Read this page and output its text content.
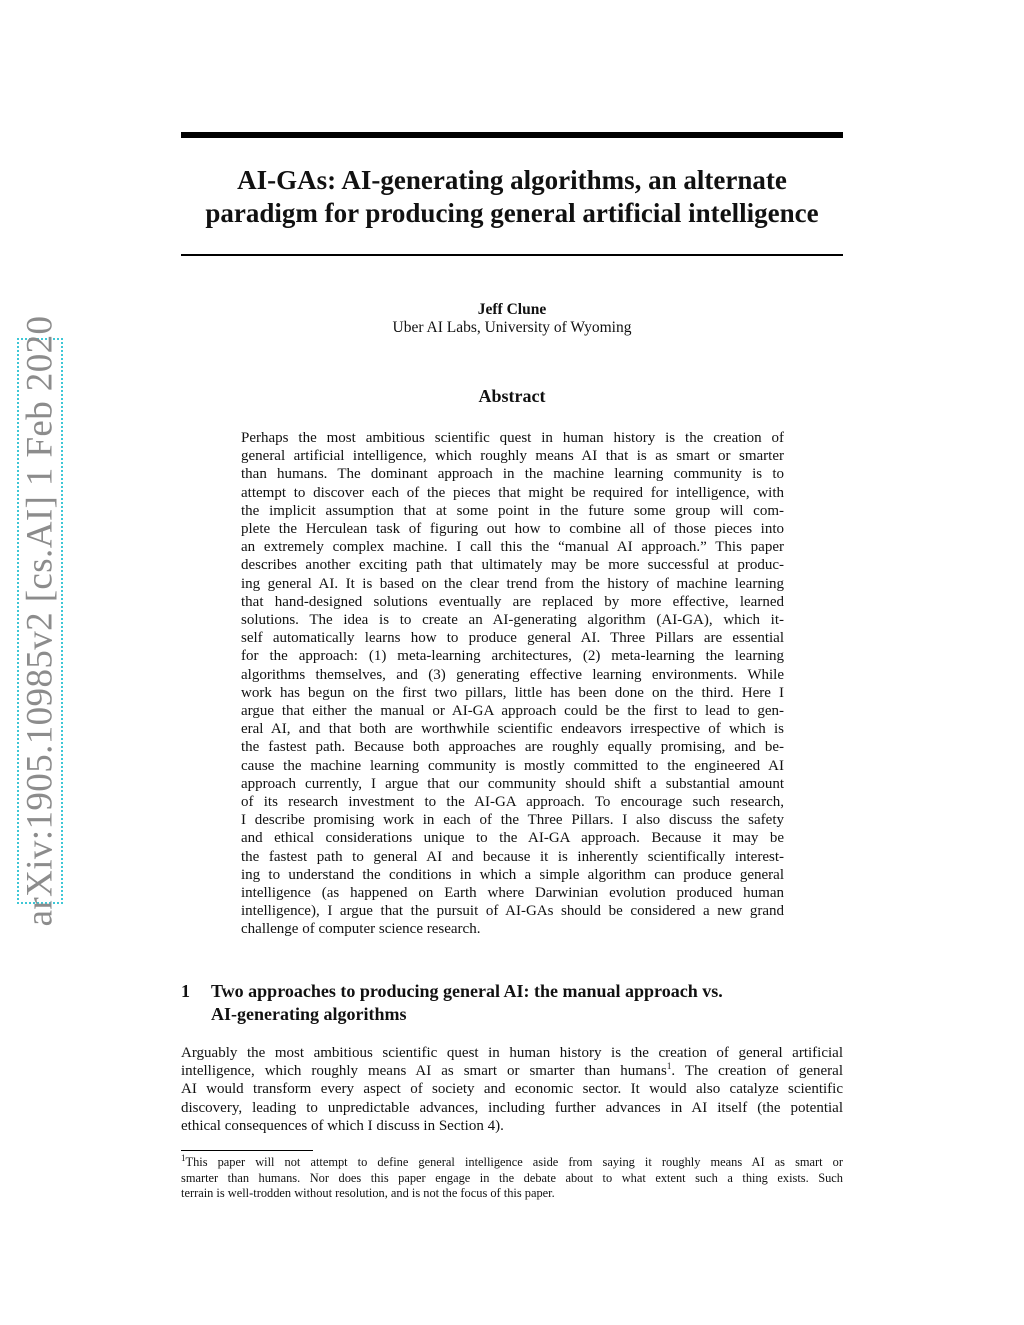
arXiv:1905.10985v2 [cs.AI] 1 Feb 2020
AI-GAs: AI-generating algorithms, an alternate
paradigm for producing general artificial intelligence
Jeff Clune
Uber AI Labs, University of Wyoming
Abstract
Perhaps the most ambitious scientific quest in human history is the creation of
general artificial intelligence, which roughly means AI that is as smart or smarter
than humans. The dominant approach in the machine learning community is to
attempt to discover each of the pieces that might be required for intelligence, with
the implicit assumption that at some point in the future some group will com-
plete the Herculean task of figuring out how to combine all of those pieces into
an extremely complex machine. I call this the “manual AI approach.” This paper
describes another exciting path that ultimately may be more successful at produc-
ing general AI. It is based on the clear trend from the history of machine learning
that hand-designed solutions eventually are replaced by more effective, learned
solutions. The idea is to create an AI-generating algorithm (AI-GA), which it-
self automatically learns how to produce general AI. Three Pillars are essential
for the approach: (1) meta-learning architectures, (2) meta-learning the learning
algorithms themselves, and (3) generating effective learning environments. While
work has begun on the first two pillars, little has been done on the third. Here I
argue that either the manual or AI-GA approach could be the first to lead to gen-
eral AI, and that both are worthwhile scientific endeavors irrespective of which is
the fastest path. Because both approaches are roughly equally promising, and be-
cause the machine learning community is mostly committed to the engineered AI
approach currently, I argue that our community should shift a substantial amount
of its research investment to the AI-GA approach. To encourage such research,
I describe promising work in each of the Three Pillars. I also discuss the safety
and ethical considerations unique to the AI-GA approach. Because it may be
the fastest path to general AI and because it is inherently scientifically interest-
ing to understand the conditions in which a simple algorithm can produce general
intelligence (as happened on Earth where Darwinian evolution produced human
intelligence), I argue that the pursuit of AI-GAs should be considered a new grand
challenge of computer science research.
1 Two approaches to producing general AI: the manual approach vs.
AI-generating algorithms
Arguably the most ambitious scientific quest in human history is the creation of general artificial
intelligence, which roughly means AI as smart or smarter than humans$^1$. The creation of general
AI would transform every aspect of society and economic sector. It would also catalyze scientific
discovery, leading to unpredictable advances, including further advances in AI itself (the potential
ethical consequences of which I discuss in Section 4).
$^1$This paper will not attempt to define general intelligence aside from saying it roughly means AI as smart or
smarter than humans. Nor does this paper engage in the debate about to what extent such a thing exists. Such
terrain is well-trodden without resolution, and is not the focus of this paper.
